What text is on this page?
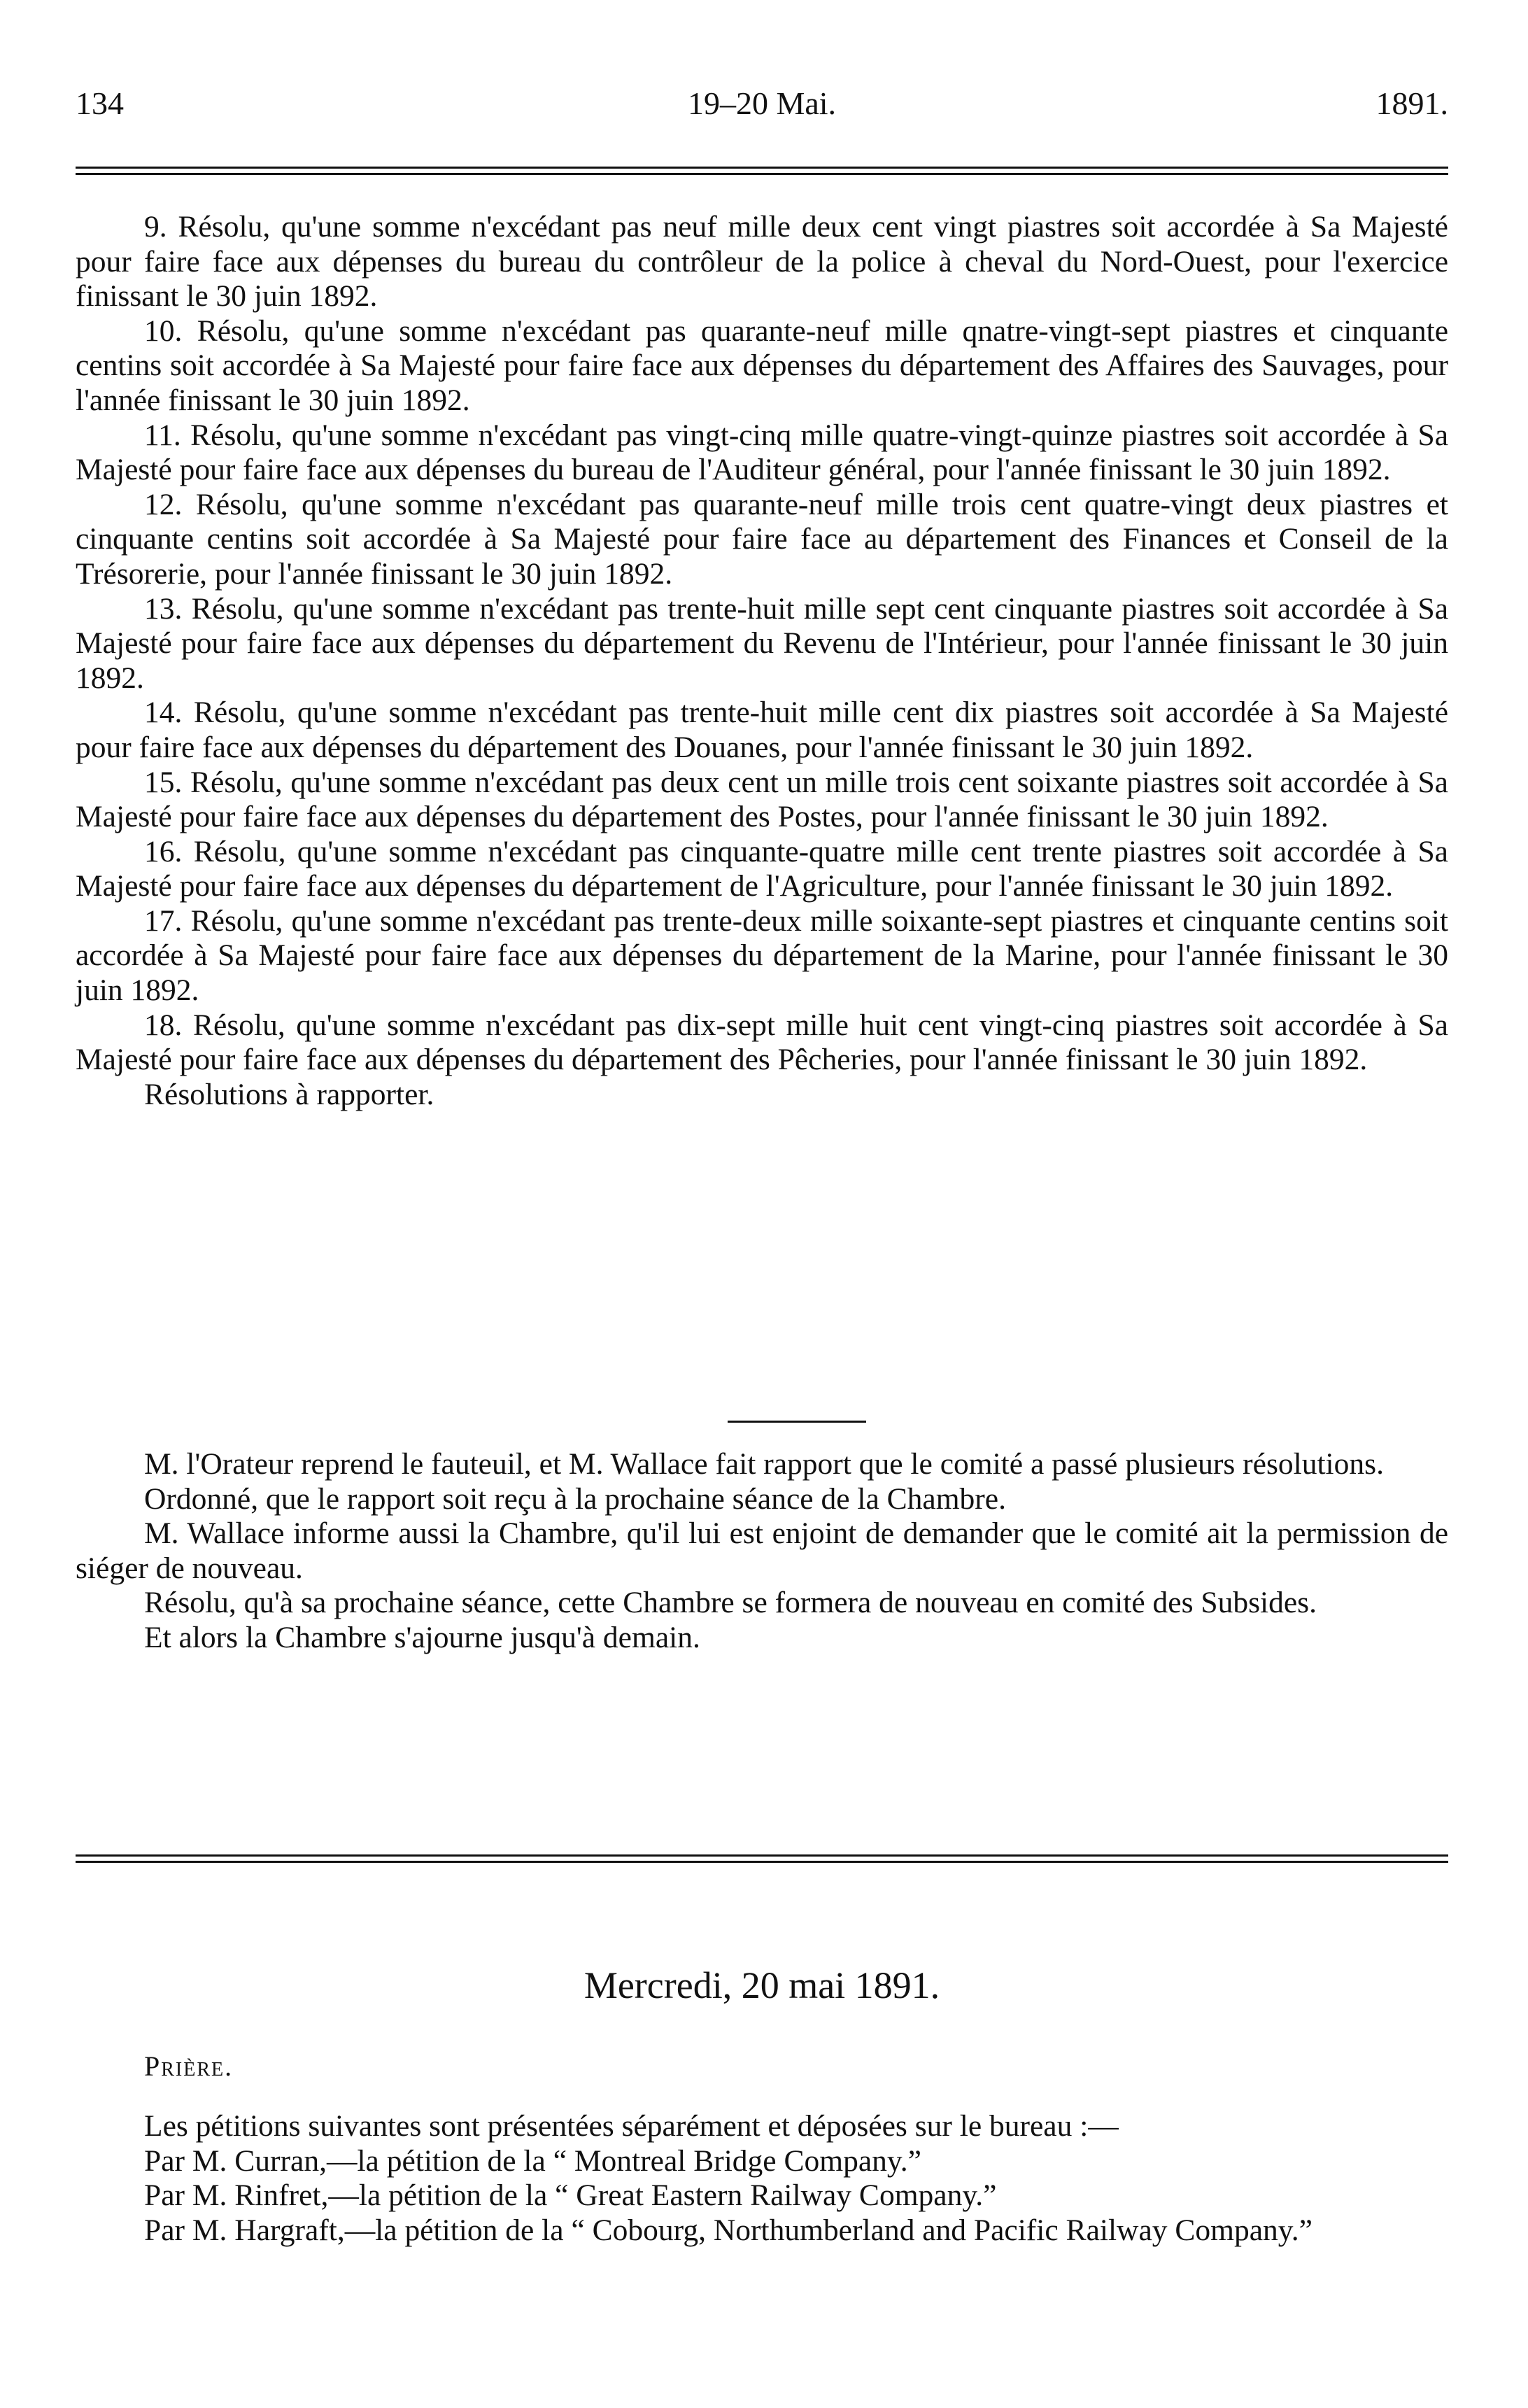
134	19–20 Mai.	1891.

9. Résolu, qu'une somme n'excédant pas neuf mille deux cent vingt piastres soit accordée à Sa Majesté pour faire face aux dépenses du bureau du contrôleur de la police à cheval du Nord-Ouest, pour l'exercice finissant le 30 juin 1892.

10. Résolu, qu'une somme n'excédant pas quarante-neuf mille qnatre-vingt-sept piastres et cinquante centins soit accordée à Sa Majesté pour faire face aux dépenses du département des Affaires des Sauvages, pour l'année finissant le 30 juin 1892.

11. Résolu, qu'une somme n'excédant pas vingt-cinq mille quatre-vingt-quinze piastres soit accordée à Sa Majesté pour faire face aux dépenses du bureau de l'Auditeur général, pour l'année finissant le 30 juin 1892.

12. Résolu, qu'une somme n'excédant pas quarante-neuf mille trois cent quatre-vingt deux piastres et cinquante centins soit accordée à Sa Majesté pour faire face au département des Finances et Conseil de la Trésorerie, pour l'année finissant le 30 juin 1892.

13. Résolu, qu'une somme n'excédant pas trente-huit mille sept cent cinquante piastres soit accordée à Sa Majesté pour faire face aux dépenses du département du Revenu de l'Intérieur, pour l'année finissant le 30 juin 1892.

14. Résolu, qu'une somme n'excédant pas trente-huit mille cent dix piastres soit accordée à Sa Majesté pour faire face aux dépenses du département des Douanes, pour l'année finissant le 30 juin 1892.

15. Résolu, qu'une somme n'excédant pas deux cent un mille trois cent soixante piastres soit accordée à Sa Majesté pour faire face aux dépenses du département des Postes, pour l'année finissant le 30 juin 1892.

16. Résolu, qu'une somme n'excédant pas cinquante-quatre mille cent trente piastres soit accordée à Sa Majesté pour faire face aux dépenses du département de l'Agriculture, pour l'année finissant le 30 juin 1892.

17. Résolu, qu'une somme n'excédant pas trente-deux mille soixante-sept piastres et cinquante centins soit accordée à Sa Majesté pour faire face aux dépenses du département de la Marine, pour l'année finissant le 30 juin 1892.

18. Résolu, qu'une somme n'excédant pas dix-sept mille huit cent vingt-cinq piastres soit accordée à Sa Majesté pour faire face aux dépenses du département des Pêcheries, pour l'année finissant le 30 juin 1892.

Résolutions à rapporter.

M. l'Orateur reprend le fauteuil, et M. Wallace fait rapport que le comité a passé plusieurs résolutions.

Ordonné, que le rapport soit reçu à la prochaine séance de la Chambre.

M. Wallace informe aussi la Chambre, qu'il lui est enjoint de demander que le comité ait la permission de siéger de nouveau.

Résolu, qu'à sa prochaine séance, cette Chambre se formera de nouveau en comité des Subsides.

Et alors la Chambre s'ajourne jusqu'à demain.

Mercredi, 20 mai 1891.
Prière.

Les pétitions suivantes sont présentées séparément et déposées sur le bureau :—

Par M. Curran,—la pétition de la “ Montreal Bridge Company.”

Par M. Rinfret,—la pétition de la “ Great Eastern Railway Company.”

Par M. Hargraft,—la pétition de la “ Cobourg, Northumberland and Pacific Railway Company.”
